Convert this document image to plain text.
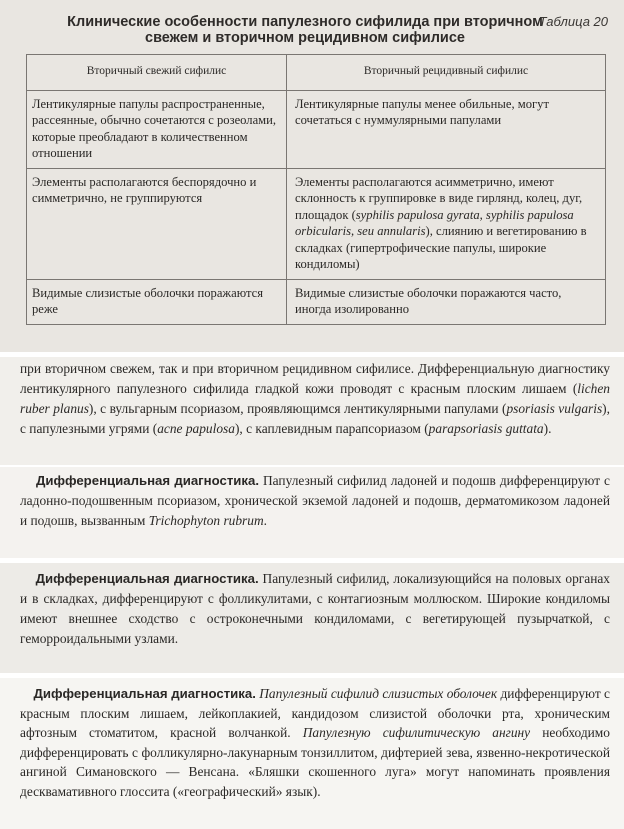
Клинические особенности папулезного сифилида при вторичном свежем и вторичном рецидивном сифилисе
Таблица 20
Вторичный свежий сифилис	Вторичный рецидивный сифилис
Лентикулярные папулы распространенные, рассеянные, обычно сочетаются с розеолами, которые преобладают в количественном отношении
Лентикулярные папулы менее обильные, могут сочетаться с нуммулярными папулами
Элементы располагаются беспорядочно и симметрично, не группируются
Элементы располагаются асимметрично, имеют склонность к группировке в виде гирлянд, колец, дуг, площадок (syphilis papulosa gyrata, syphilis papulosa orbicularis, seu annularis), слиянию и вегетированию в складках (гипертрофические папулы, широкие кондиломы)
Видимые слизистые оболочки поражаются реже
Видимые слизистые оболочки поражаются часто, иногда изолированно

при вторичном свежем, так и при вторичном рецидивном сифилисе. Дифференциальную диагностику лентикулярного папулезного сифилида гладкой кожи проводят с красным плоским лишаем (lichen ruber planus), с вульгарным псориазом, проявляющимся лентикулярными папулами (psoriasis vulgaris), с папулезными угрями (acne papulosa), с каплевидным парапсориазом (parapsoriasis guttata).

Дифференциальная диагностика. Папулезный сифилид ладоней и подошв дифференцируют с ладонно-подошвенным псориазом, хронической экземой ладоней и подошв, дерматомикозом ладоней и подошв, вызванным Trichophyton rubrum.

Дифференциальная диагностика. Папулезный сифилид, локализующийся на половых органах и в складках, дифференцируют с фолликулитами, с контагиозным моллюском. Широкие кондиломы имеют внешнее сходство с остроконечными кондиломами, с вегетирующей пузырчаткой, с геморроидальными узлами.

Дифференциальная диагностика. Папулезный сифилид слизистых оболочек дифференцируют с красным плоским лишаем, лейкоплакией, кандидозом слизистой оболочки рта, хроническим афтозным стоматитом, красной волчанкой. Папулезную сифилитическую ангину необходимо дифференцировать с фолликулярно-лакунарным тонзиллитом, дифтерией зева, язвенно-некротической ангиной Симановского — Венсана. «Бляшки скошенного луга» могут напоминать проявления десквамативного глоссита («географический» язык).
